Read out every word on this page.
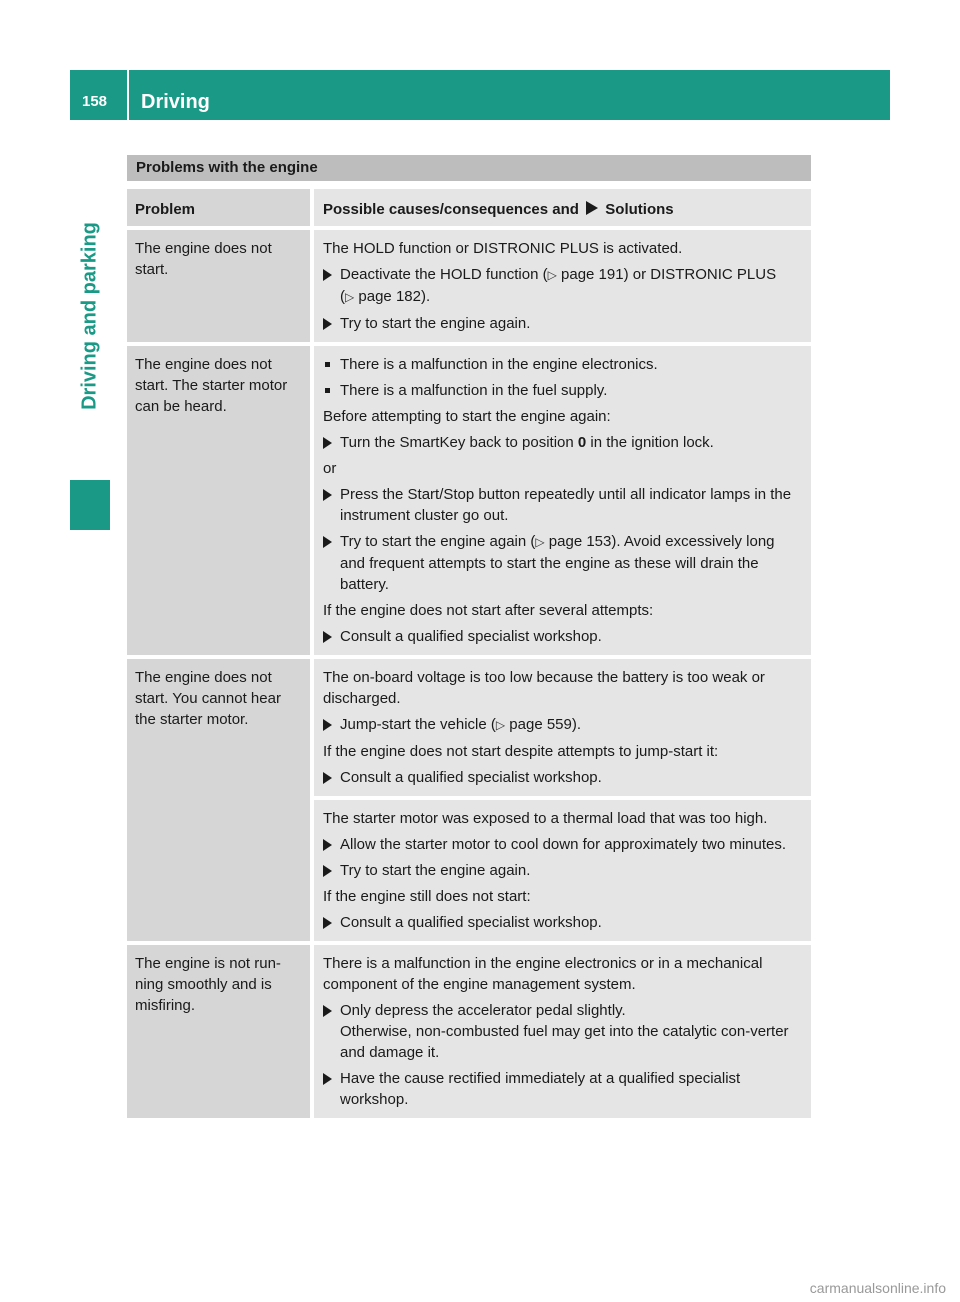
158 Driving
Driving and parking
Problems with the engine
Problem	Possible causes/consequences and Solutions
The engine does not start.
The HOLD function or DISTRONIC PLUS is activated.
Deactivate the HOLD function (▷ page 191) or DISTRONIC PLUS (▷ page 182).
Try to start the engine again.
The engine does not start. The starter motor can be heard.
There is a malfunction in the engine electronics.
There is a malfunction in the fuel supply.
Before attempting to start the engine again:
Turn the SmartKey back to position 0 in the ignition lock.
or
Press the Start/Stop button repeatedly until all indicator lamps in the instrument cluster go out.
Try to start the engine again (▷ page 153). Avoid excessively long and frequent attempts to start the engine as these will drain the battery.
If the engine does not start after several attempts:
Consult a qualified specialist workshop.
The engine does not start. You cannot hear the starter motor.
The on-board voltage is too low because the battery is too weak or discharged.
Jump-start the vehicle (▷ page 559).
If the engine does not start despite attempts to jump-start it:
Consult a qualified specialist workshop.
The starter motor was exposed to a thermal load that was too high.
Allow the starter motor to cool down for approximately two minutes.
Try to start the engine again.
If the engine still does not start:
Consult a qualified specialist workshop.
The engine is not run-ning smoothly and is misfiring.
There is a malfunction in the engine electronics or in a mechanical component of the engine management system.
Only depress the accelerator pedal slightly.
Otherwise, non-combusted fuel may get into the catalytic con-verter and damage it.
Have the cause rectified immediately at a qualified specialist workshop.
carmanualsonline.info
